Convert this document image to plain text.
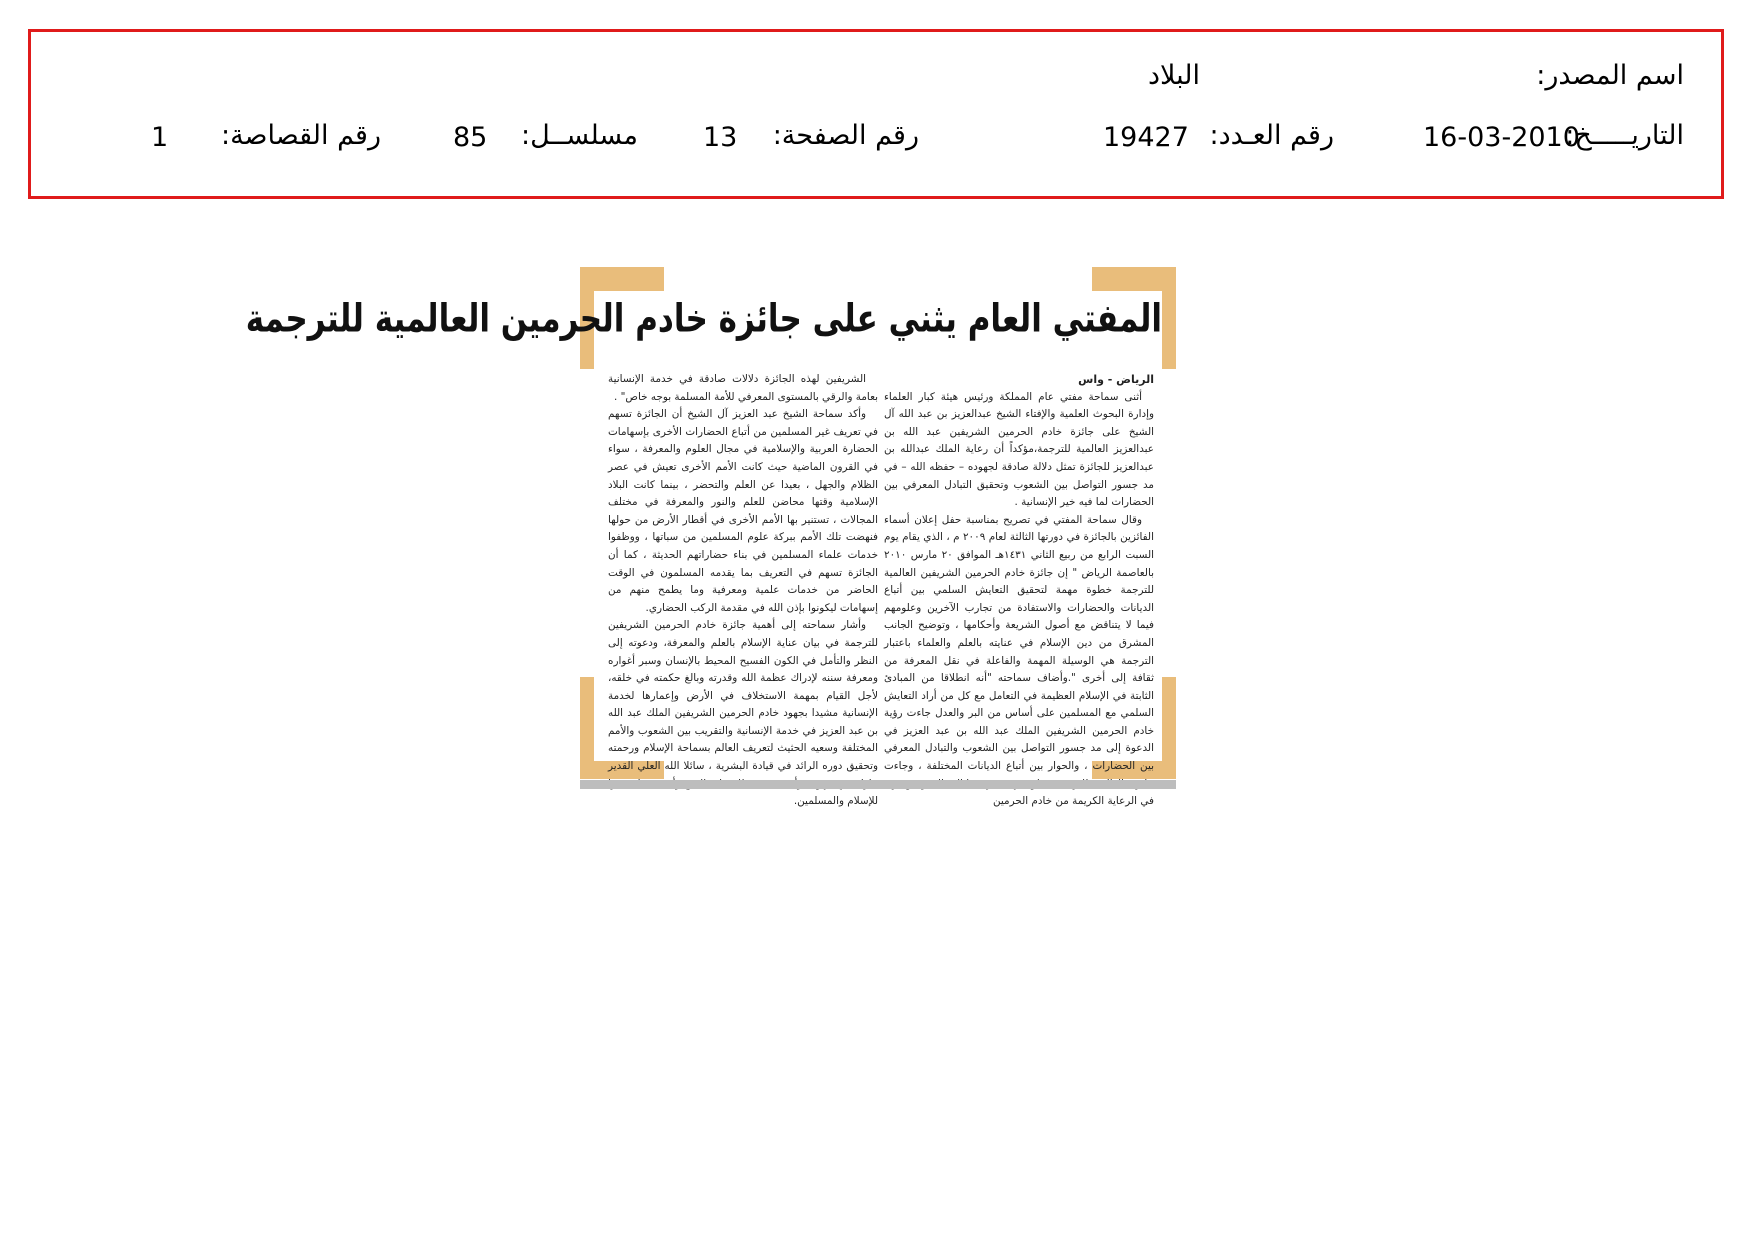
اسم المصدر:
البلاد
التاريـــــخ:
16-03-2010
رقم العـدد:
19427
رقم الصفحة:
13
مسلســل:
85
رقم القصاصة:
1
المفتي العام يثني على جائزة خادم الحرمين العالمية للترجمة
الرياض - واس

أثنى سماحة مفتي عام المملكة ورئيس هيئة كبار العلماء وإدارة البحوث العلمية والإفتاء الشيخ عبدالعزيز بن عبد الله آل الشيخ على جائزة خادم الحرمين الشريفين عبد الله بن عبدالعزيز العالمية للترجمة،مؤكداً أن رعاية الملك عبدالله بن عبدالعزيز للجائزة تمثل دلالة صادقة لجهوده – حفظه الله – في مد جسور التواصل بين الشعوب وتحقيق التبادل المعرفي بين الحضارات لما فيه خير الإنسانية .

وقال سماحة المفتي في تصريح بمناسبة حفل إعلان أسماء الفائزين بالجائزة في دورتها الثالثة لعام ٢٠٠٩ م ، الذي يقام يوم السبت الرابع من ربيع الثاني ١٤٣١هـ الموافق ٢٠ مارس ٢٠١٠ بالعاصمة الرياض " إن جائزة خادم الحرمين الشريفين العالمية للترجمة خطوة مهمة لتحقيق التعايش السلمي بين أتباع الديانات والحضارات والاستفادة من تجارب الآخرين وعلومهم فيما لا يتناقض مع أصول الشريعة وأحكامها ، وتوضيح الجانب المشرق من دين الإسلام في عنايته بالعلم والعلماء باعتبار الترجمة هي الوسيلة المهمة والفاعلة في نقل المعرفة من ثقافة إلى أخرى ".وأضاف سماحته "أنه انطلاقا من المبادئ الثابتة في الإسلام العظيمة في التعامل مع كل من أراد التعايش السلمي مع المسلمين على أساس من البر والعدل جاءت رؤية خادم الحرمين الشريفين الملك عبد الله بن عبد العزيز في الدعوة إلى مد جسور التواصل بين الشعوب والتبادل المعرفي بين الحضارات ، والحوار بين أتباع الديانات المختلفة ، وجاءت في الرعاية الكريمة من خادم الحرمين

الشريفين لهذه الجائزة دلالات صادقة في خدمة الإنسانية بعامة والرقي بالمستوى المعرفي للأمة المسلمة بوجه خاص" .

وأكد سماحة الشيخ عبد العزيز آل الشيخ أن الجائزة تسهم في تعريف غير المسلمين من أتباع الحضارات الأخرى بإسهامات الحضارة العربية والإسلامية في مجال العلوم والمعرفة ، سواء في القرون الماضية حيث كانت الأمم الأخرى تعيش في عصر الظلام والجهل ، بعيدا عن العلم والتحضر ، بينما كانت البلاد الإسلامية وقتها محاضن للعلم والنور والمعرفة في مختلف المجالات ، تستنير بها الأمم الأخرى في أقطار الأرض من حولها فنهضت تلك الأمم ببركة علوم المسلمين من سباتها ، ووظفوا خدمات علماء المسلمين في بناء حضاراتهم الحديثة ، كما أن الجائزة تسهم في التعريف بما يقدمه المسلمون في الوقت الحاضر من خدمات علمية ومعرفية وما يطمح منهم من إسهامات ليكونوا بإذن الله في مقدمة الركب الحضاري.

وأشار سماحته إلى أهمية جائزة خادم الحرمين الشريفين للترجمة في بيان عناية الإسلام بالعلم والمعرفة، ودعوته إلى النظر والتأمل في الكون الفسيح المحيط بالإنسان وسبر أغواره ومعرفة سننه لإدراك عظمة الله وقدرته وبالغ حكمته في خلقه، لأجل القيام بمهمة الاستخلاف في الأرض وإعمارها لخدمة الإنسانية مشيدا بجهود خادم الحرمين الشريفين الملك عبد الله بن عبد العزيز في خدمة الإنسانية والتقريب بين الشعوب والأمم المختلفة وسعيه الحثيث لتعريف العالم بسماحة الإسلام ورحمته وتحقيق دوره الرائد في قيادة البشرية ، سائلا الله العلي القدير للإسلام والمسلمين.
